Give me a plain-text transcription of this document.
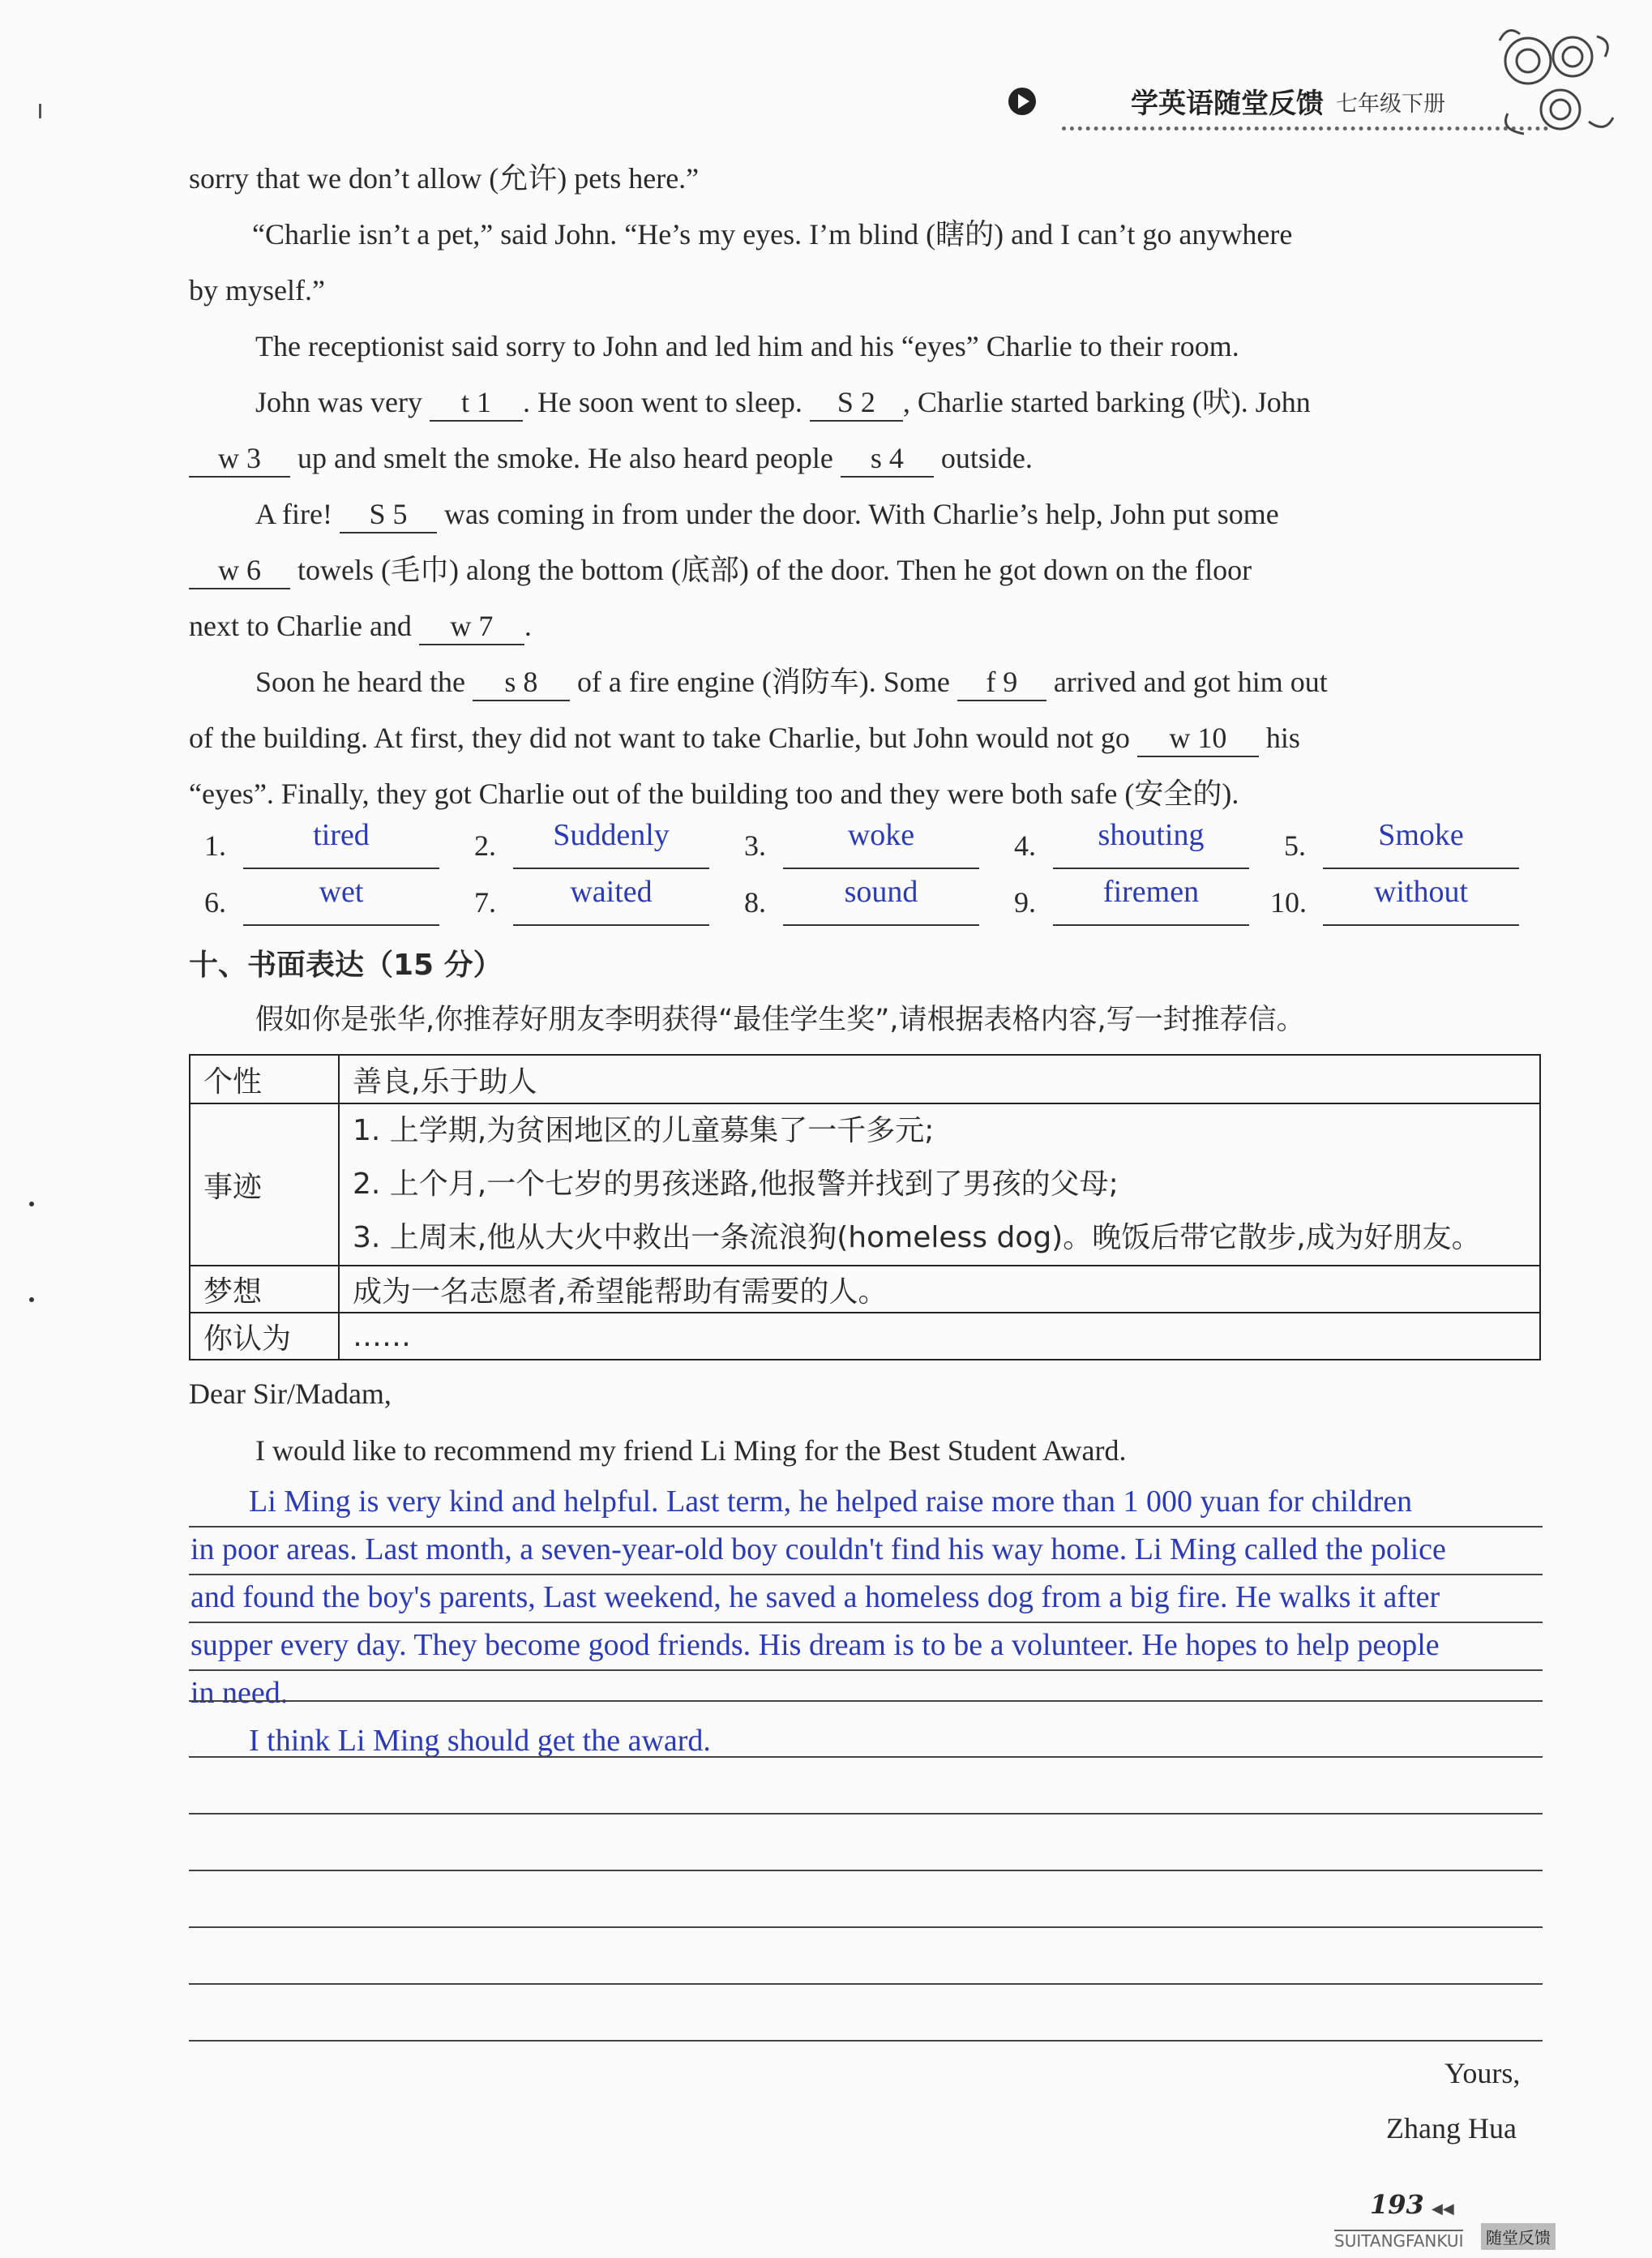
学英语随堂反馈 七年级下册
sorry that we don’t allow (允许) pets here.”
“Charlie isn’t a pet,” said John. “He’s my eyes. I’m blind (瞎的) and I can’t go anywhere
by myself.”
The receptionist said sorry to John and led him and his “eyes” Charlie to their room.
John was very t 1 . He soon went to sleep. S 2 , Charlie started barking (吠). John
w 3 up and smelt the smoke. He also heard people s 4 outside.
A fire! S 5 was coming in from under the door. With Charlie’s help, John put some
w 6 towels (毛巾) along the bottom (底部) of the door. Then he got down on the floor
next to Charlie and w 7 .
Soon he heard the s 8 of a fire engine (消防车). Some f 9 arrived and got him out
of the building. At first, they did not want to take Charlie, but John would not go w 10 his
“eyes”. Finally, they got Charlie out of the building too and they were both safe (安全的).
1.	tired	2.	Suddenly	3.	woke	4.	shouting	5.	Smoke
6.	wet	7.	waited	8.	sound	9.	firemen	10.	without
十、书面表达（15 分）
假如你是张华,你推荐好朋友李明获得“最佳学生奖”,请根据表格内容,写一封推荐信。
个性	善良,乐于助人
事迹	1. 上学期,为贫困地区的儿童募集了一千多元;
2. 上个月,一个七岁的男孩迷路,他报警并找到了男孩的父母;
3. 上周末,他从大火中救出一条流浪狗(homeless dog)。晚饭后带它散步,成为好朋友。

梦想	成为一名志愿者,希望能帮助有需要的人。
你认为	……
Dear Sir/Madam,
I would like to recommend my friend Li Ming for the Best Student Award.
Li Ming is very kind and helpful. Last term, he helped raise more than 1 000 yuan for children
in poor areas. Last month, a seven-year-old boy couldn't find his way home. Li Ming called the police
and found the boy's parents, Last weekend, he saved a homeless dog from a big fire. He walks it after
supper every day. They become good friends. His dream is to be a volunteer. He hopes to help people
in need.
I think Li Ming should get the award.
Yours,
Zhang Hua
193 ◀◀
SUITANGFANKUI	随堂反馈
